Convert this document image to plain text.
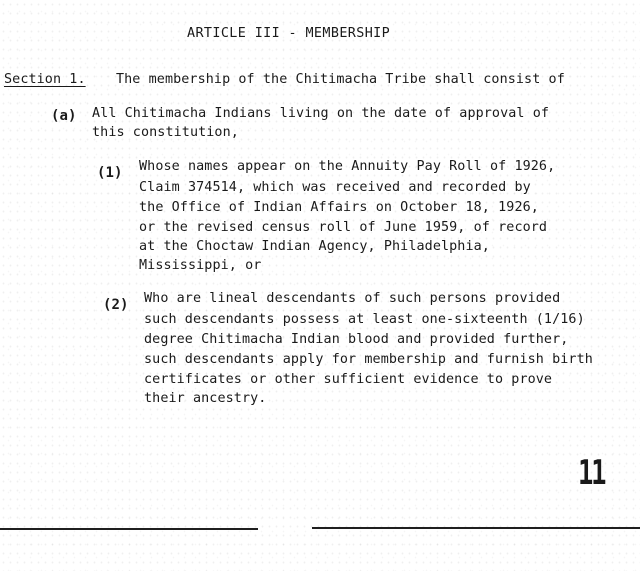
ARTICLE III - MEMBERSHIP
Section 1. The membership of the Chitimacha Tribe shall consist of
(a) All Chitimacha Indians living on the date of approval of
this constitution,
(1) Whose names appear on the Annuity Pay Roll of 1926,
Claim 374514, which was received and recorded by
the Office of Indian Affairs on October 18, 1926,
or the revised census roll of June 1959, of record
at the Choctaw Indian Agency, Philadelphia,
Mississippi, or
(2) Who are lineal descendants of such persons provided
such descendants possess at least one-sixteenth (1/16)
degree Chitimacha Indian blood and provided further,
such descendants apply for membership and furnish birth
certificates or other sufficient evidence to prove
their ancestry.
11
